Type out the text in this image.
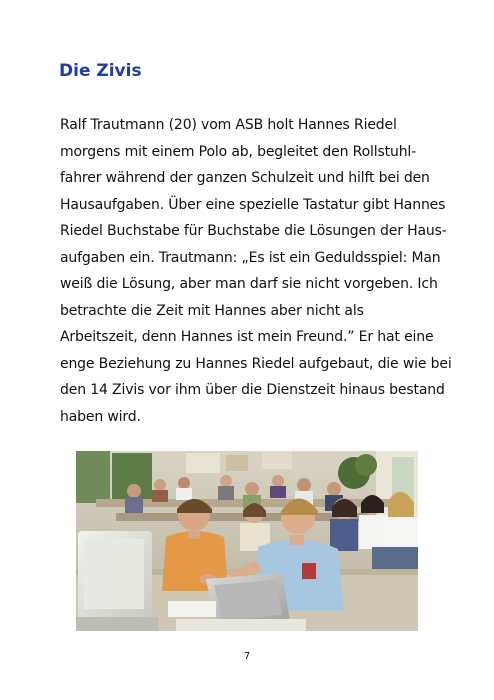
Die Zivis

Ralf Trautmann (20) vom ASB holt Hannes Riedel
morgens mit einem Polo ab, begleitet den Rollstuhl-
fahrer während der ganzen Schulzeit und hilft bei den
Hausaufgaben. Über eine spezielle Tastatur gibt Hannes
Riedel Buchstabe für Buchstabe die Lösungen der Haus-
aufgaben ein. Trautmann: „Es ist ein Geduldsspiel: Man
weiß die Lösung, aber man darf sie nicht vorgeben. Ich
betrachte die Zeit mit Hannes aber nicht als
Arbeitszeit, denn Hannes ist mein Freund.” Er hat eine
enge Beziehung zu Hannes Riedel aufgebaut, die wie bei
den 14 Zivis vor ihm über die Dienstzeit hinaus bestand
haben wird.

7
